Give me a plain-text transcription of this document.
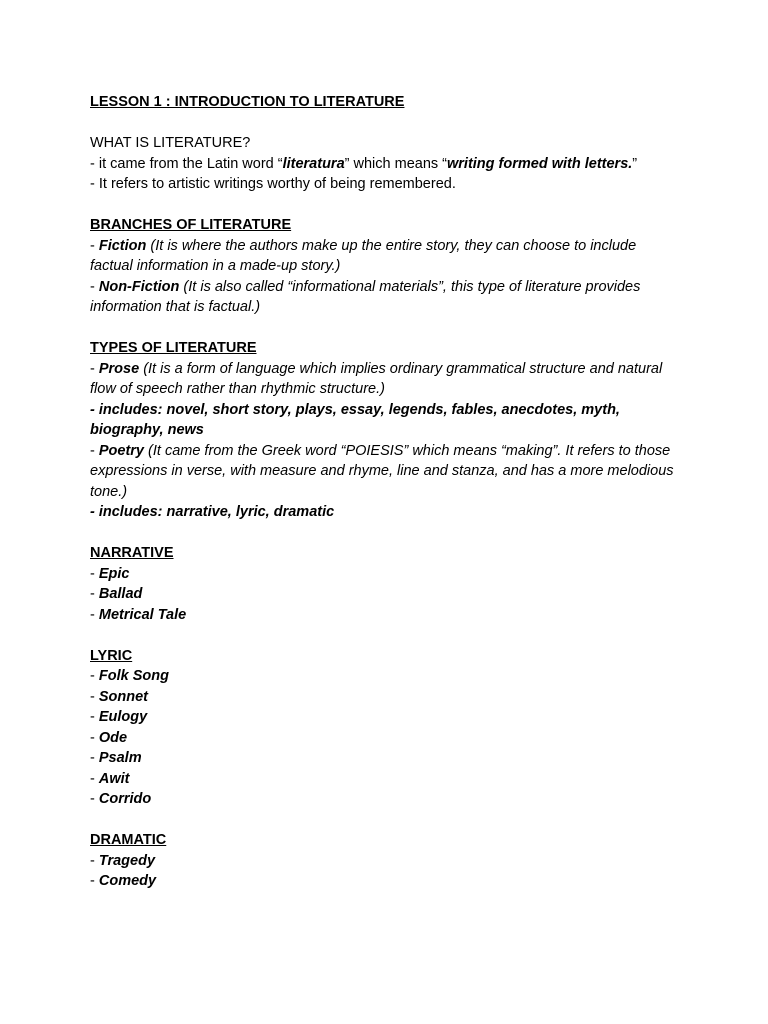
LESSON 1 : INTRODUCTION TO LITERATURE
WHAT IS LITERATURE?
- it came from the Latin word “literatura” which means “writing formed with letters.”
- It refers to artistic writings worthy of being remembered.
BRANCHES OF LITERATURE
- Fiction (It is where the authors make up the entire story, they can choose to include factual information in a made-up story.)
- Non-Fiction (It is also called “informational materials”, this type of literature provides information that is factual.)
TYPES OF LITERATURE
- Prose (It is a form of language which implies ordinary grammatical structure and natural flow of speech rather than rhythmic structure.)
- includes: novel, short story, plays, essay, legends, fables, anecdotes, myth, biography, news
- Poetry (It came from the Greek word “POIESIS” which means “making”. It refers to those expressions in verse, with measure and rhyme, line and stanza, and has a more melodious tone.)
- includes: narrative, lyric, dramatic
NARRATIVE
- Epic
- Ballad
- Metrical Tale
LYRIC
- Folk Song
- Sonnet
- Eulogy
- Ode
- Psalm
- Awit
- Corrido
DRAMATIC
- Tragedy
- Comedy
